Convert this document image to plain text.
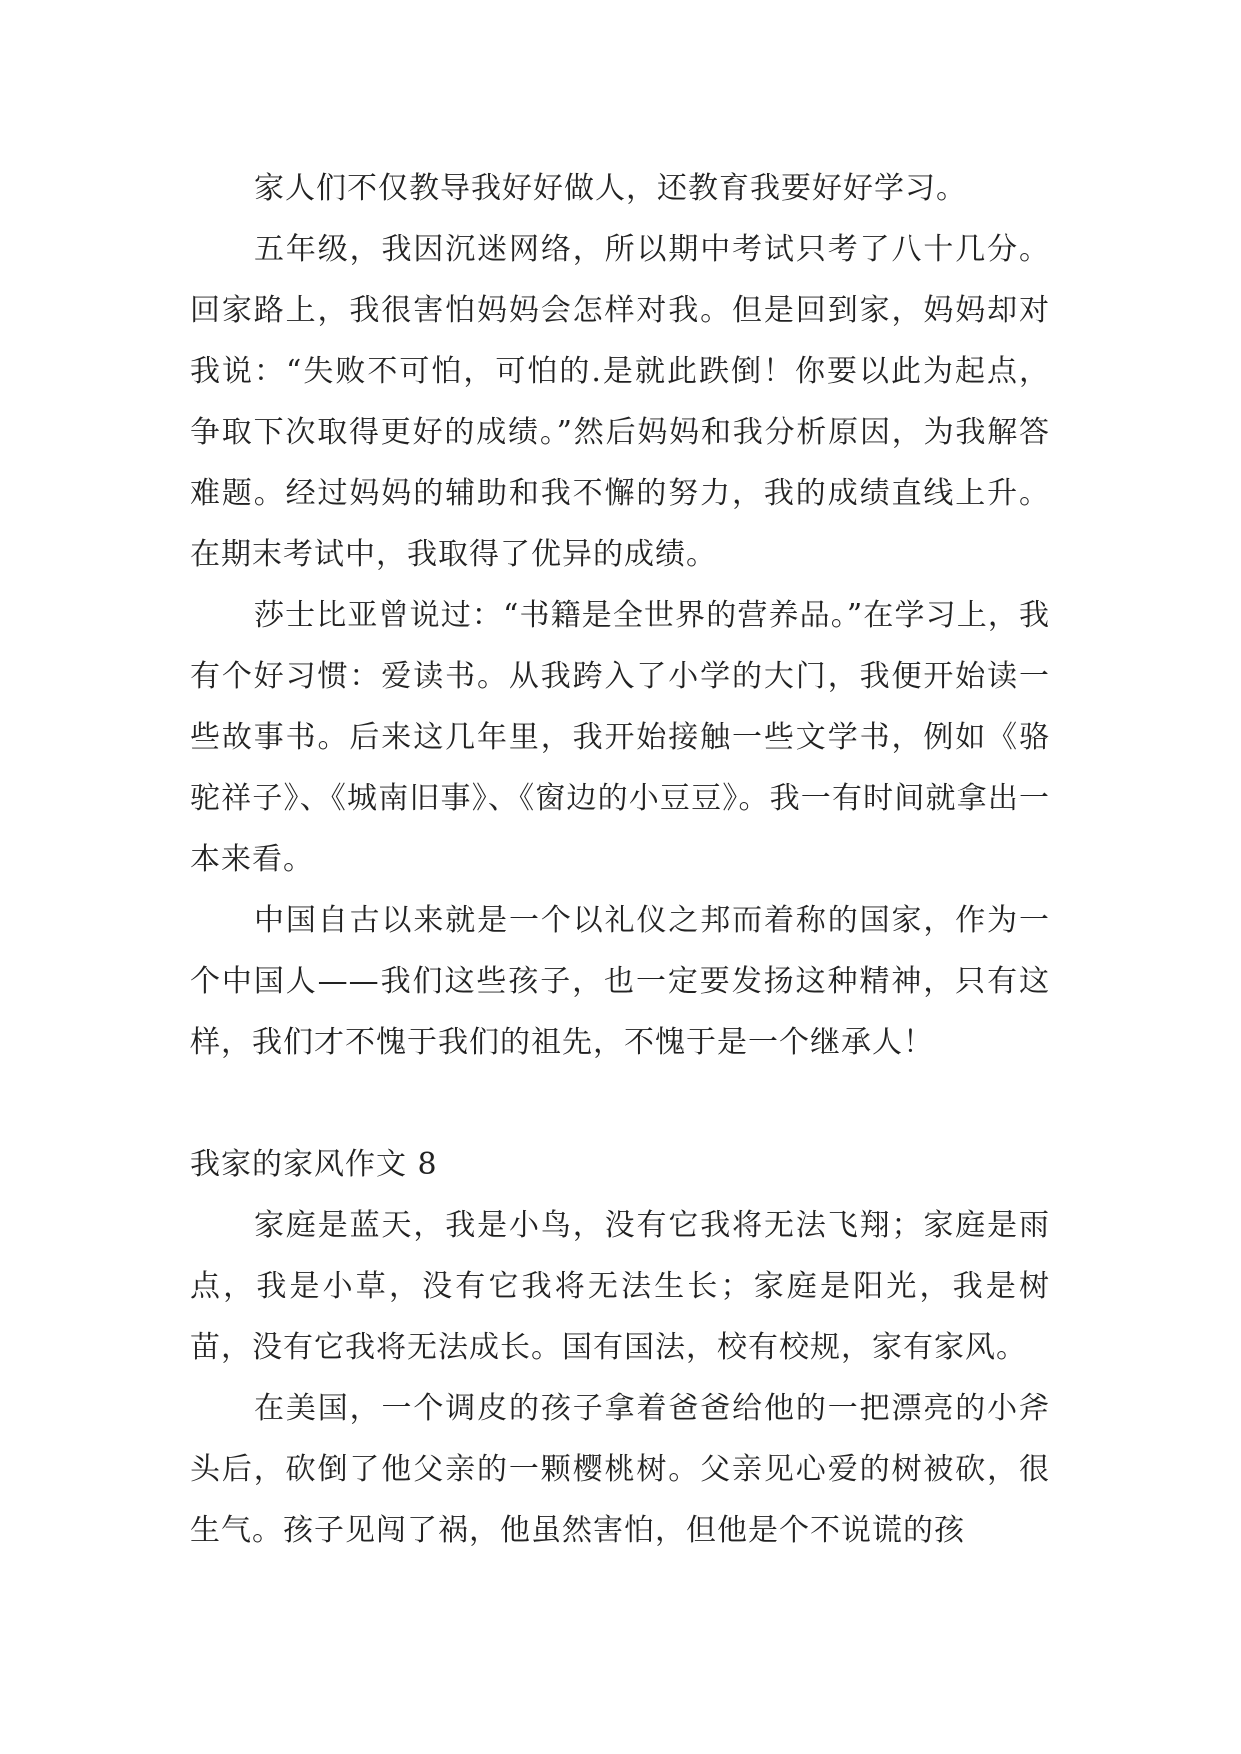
家人们不仅教导我好好做人，还教育我要好好学习。

五年级，我因沉迷网络，所以期中考试只考了八十几分。回家路上，我很害怕妈妈会怎样对我。但是回到家，妈妈却对我说：“失败不可怕，可怕的.是就此跌倒！你要以此为起点，争取下次取得更好的成绩。”然后妈妈和我分析原因，为我解答难题。经过妈妈的辅助和我不懈的努力，我的成绩直线上升。在期末考试中，我取得了优异的成绩。

莎士比亚曾说过：“书籍是全世界的营养品。”在学习上，我有个好习惯：爱读书。从我跨入了小学的大门，我便开始读一些故事书。后来这几年里，我开始接触一些文学书，例如《骆驼祥子》、《城南旧事》、《窗边的小豆豆》。我一有时间就拿出一本来看。

中国自古以来就是一个以礼仪之邦而着称的国家，作为一个中国人——我们这些孩子，也一定要发扬这种精神，只有这样，我们才不愧于我们的祖先，不愧于是一个继承人！

我家的家风作文 8

家庭是蓝天，我是小鸟，没有它我将无法飞翔；家庭是雨点，我是小草，没有它我将无法生长；家庭是阳光，我是树苗，没有它我将无法成长。国有国法，校有校规，家有家风。

在美国，一个调皮的孩子拿着爸爸给他的一把漂亮的小斧头后，砍倒了他父亲的一颗樱桃树。父亲见心爱的树被砍，很生气。孩子见闯了祸，他虽然害怕，但他是个不说谎的孩
